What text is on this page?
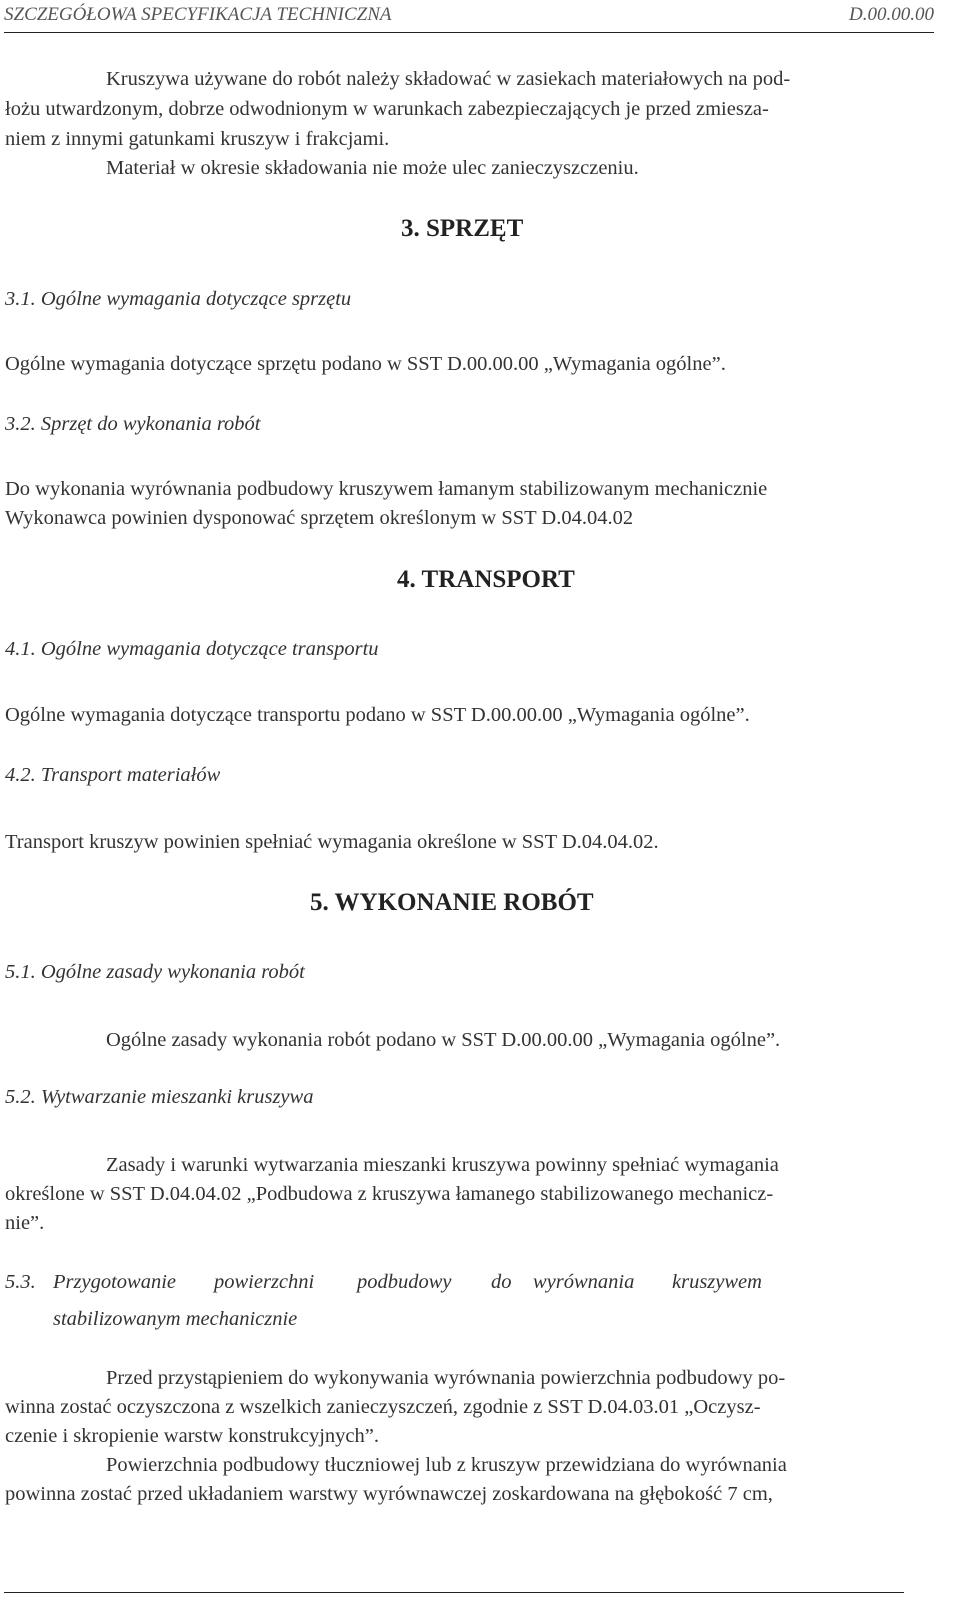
SZCZEGÓŁOWA SPECYFIKACJA TECHNICZNA	D.00.00.00
Kruszywa używane do robót należy składować w zasiekach materiałowych na pod-
łożu utwardzonym, dobrze odwodnionym w warunkach zabezpieczających je przed zmiesza-
niem z innymi gatunkami kruszyw i frakcjami.
Materiał w okresie składowania nie może ulec zanieczyszczeniu.
3. SPRZĘT
3.1. Ogólne wymagania dotyczące sprzętu
Ogólne wymagania dotyczące sprzętu podano w SST D.00.00.00 „Wymagania ogólne”.
3.2. Sprzęt do wykonania robót
Do wykonania wyrównania podbudowy kruszywem łamanym stabilizowanym mechanicznie
Wykonawca powinien dysponować sprzętem określonym w SST D.04.04.02
4. TRANSPORT
4.1. Ogólne wymagania dotyczące transportu
Ogólne wymagania dotyczące transportu podano w SST D.00.00.00 „Wymagania ogólne”.
4.2. Transport materiałów
Transport kruszyw powinien spełniać wymagania określone w SST D.04.04.02.
5. WYKONANIE ROBÓT
5.1. Ogólne zasady wykonania robót
Ogólne zasady wykonania robót podano w SST D.00.00.00 „Wymagania ogólne”.
5.2. Wytwarzanie mieszanki kruszywa
Zasady i warunki wytwarzania mieszanki kruszywa powinny spełniać wymagania
określone w SST D.04.04.02 „Podbudowa z kruszywa łamanego stabilizowanego mechanicz-
nie”.
5.3. Przygotowanie powierzchni podbudowy do wyrównania kruszywem
stabilizowanym mechanicznie
Przed przystąpieniem do wykonywania wyrównania powierzchnia podbudowy po-
winna zostać oczyszczona z wszelkich zanieczyszczeń, zgodnie z SST D.04.03.01 „Oczysz-
czenie i skropienie warstw konstrukcyjnych”.
Powierzchnia podbudowy tłuczniowej lub z kruszyw przewidziana do wyrównania
powinna zostać przed układaniem warstwy wyrównawczej zoskardowana na głębokość 7 cm,
